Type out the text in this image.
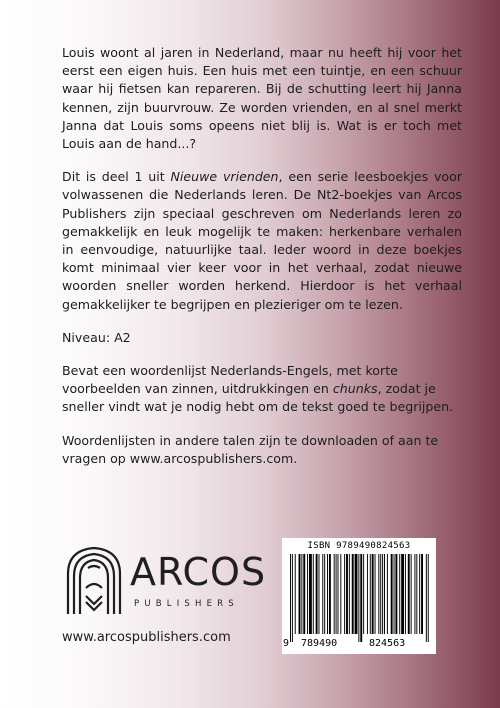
Louis woont al jaren in Nederland, maar nu heeft hij voor het eerst een eigen huis. Een huis met een tuintje, en een schuur waar hij fietsen kan repareren. Bij de schutting leert hij Janna kennen, zijn buurvrouw. Ze worden vrienden, en al snel merkt Janna dat Louis soms opeens niet blij is. Wat is er toch met Louis aan de hand...?

Dit is deel 1 uit Nieuwe vrienden, een serie leesboekjes voor volwassenen die Nederlands leren. De Nt2-boekjes van Arcos Publishers zijn speciaal geschreven om Nederlands leren zo gemakkelijk en leuk mogelijk te maken: herkenbare verhalen in eenvoudige, natuurlijke taal. Ieder woord in deze boekjes komt minimaal vier keer voor in het verhaal, zodat nieuwe woorden sneller worden herkend. Hierdoor is het verhaal gemakkelijker te begrijpen en plezieriger om te lezen.

Niveau: A2

Bevat een woordenlijst Nederlands-Engels, met korte voorbeelden van zinnen, uitdrukkingen en chunks, zodat je sneller vindt wat je nodig hebt om de tekst goed te begrijpen.

Woordenlijsten in andere talen zijn te downloaden of aan te vragen op www.arcospublishers.com.

ARCOS
PUBLISHERS
www.arcospublishers.com
ISBN 9789490824563
9 789490	824563
